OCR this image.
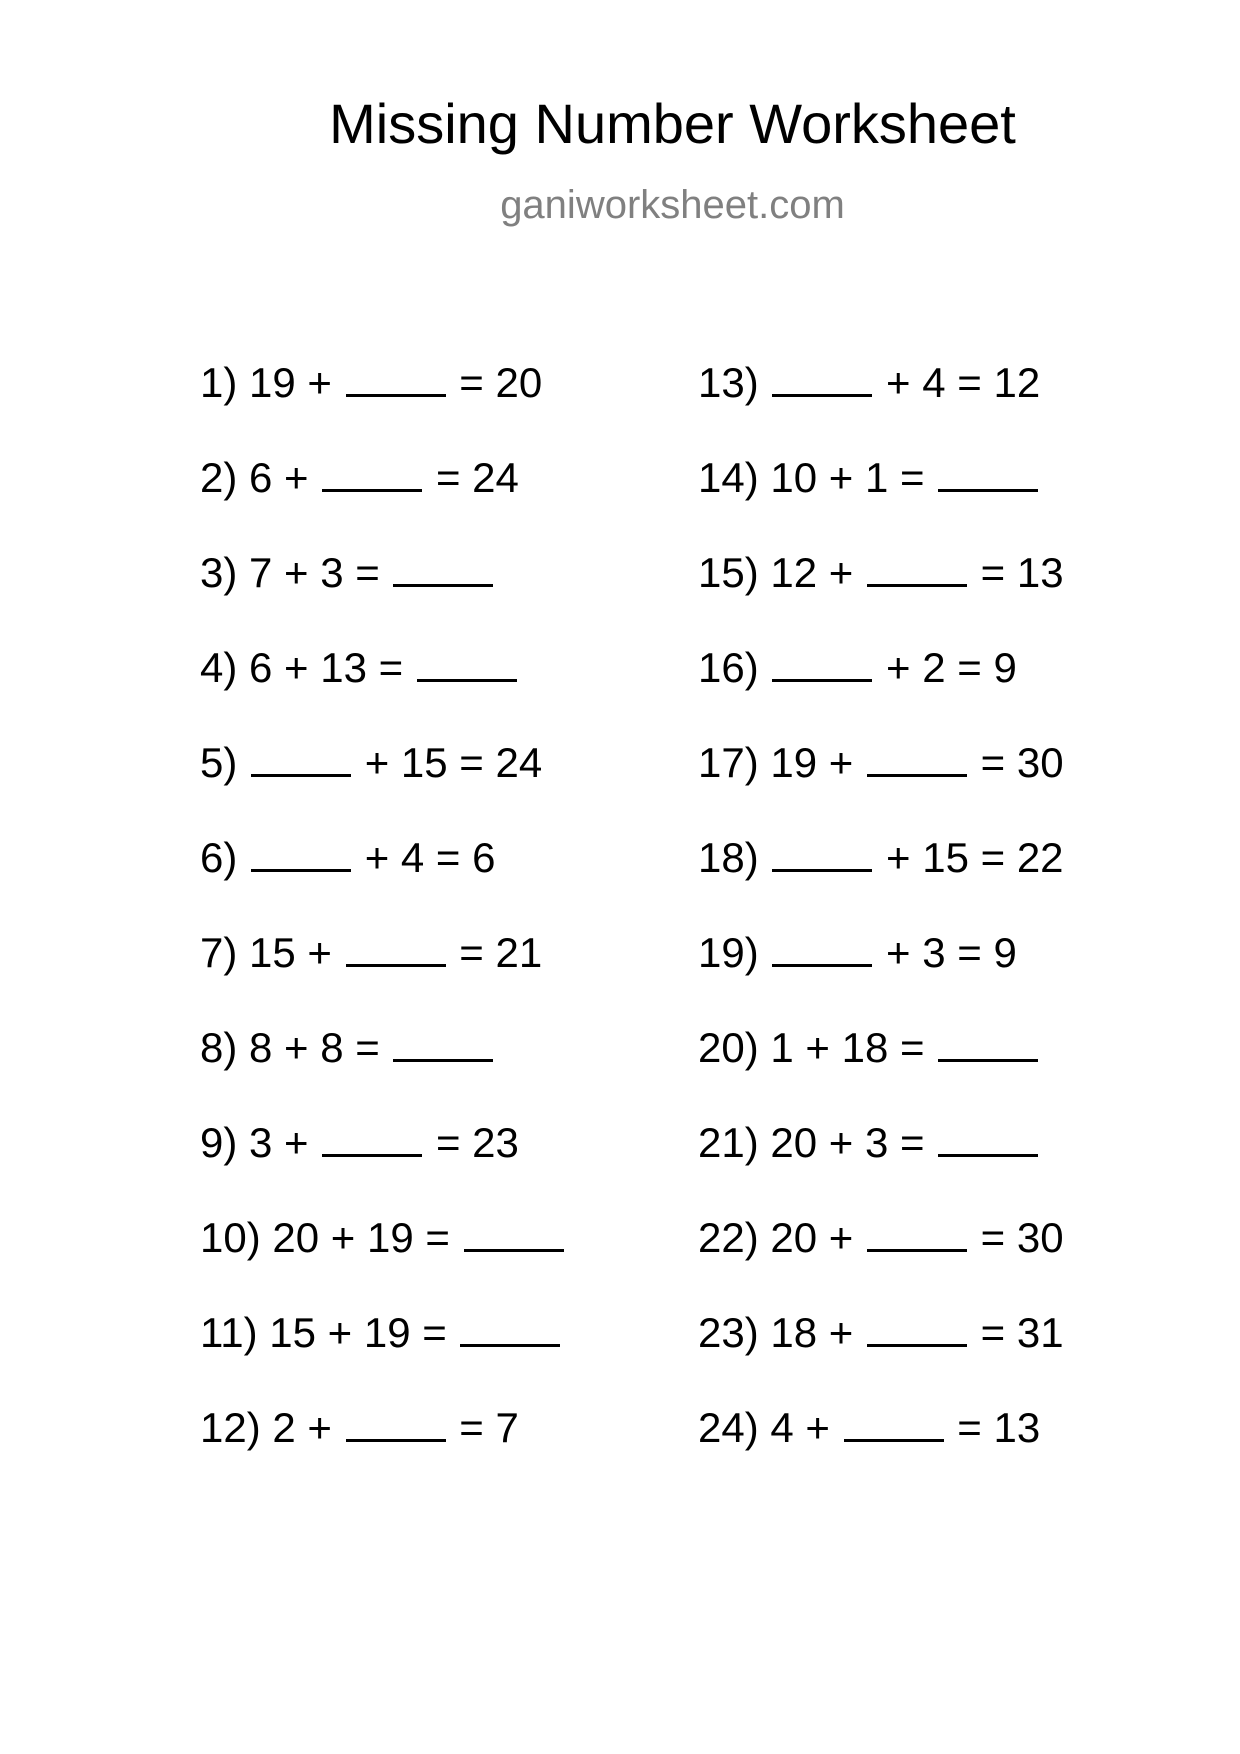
Missing Number Worksheet
ganiworksheet.com
1) 19 +	= 20
2) 6 +	= 24
3) 7 + 3 =
4) 6 + 13 =
5)	+ 15 = 24
6)	+ 4 = 6
7) 15 +	= 21
8) 8 + 8 =
9) 3 +	= 23
10) 20 + 19 =
11) 15 + 19 =
12) 2 +	= 7
13)	+ 4 = 12
14) 10 + 1 =
15) 12 +	= 13
16)	+ 2 = 9
17) 19 +	= 30
18)	+ 15 = 22
19)	+ 3 = 9
20) 1 + 18 =
21) 20 + 3 =
22) 20 +	= 30
23) 18 +	= 31
24) 4 +	= 13
